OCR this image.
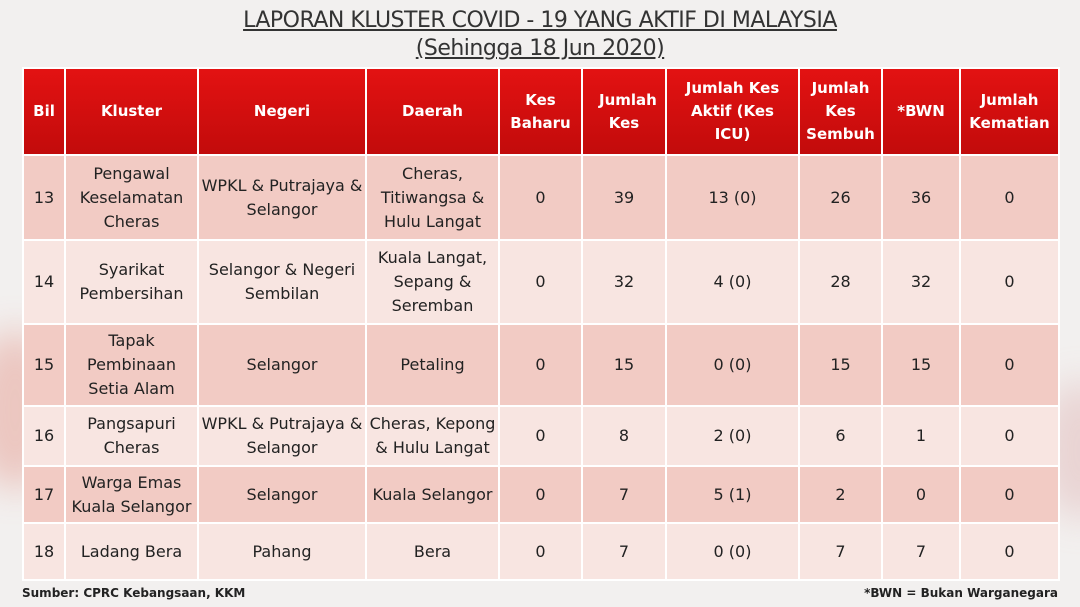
LAPORAN KLUSTER COVID - 19 YANG AKTIF DI MALAYSIA
(Sehingga 18 Jun 2020)
Bil	Kluster	Negeri	Daerah	Kes Baharu	Jumlah Kes	Jumlah Kes Aktif (Kes ICU)	Jumlah Kes Sembuh	*BWN	Jumlah Kematian
13	Pengawal Keselamatan Cheras	WPKL & Putrajaya & Selangor	Cheras, Titiwangsa & Hulu Langat	0	39	13 (0)	26	36	0
14	Syarikat Pembersihan	Selangor & Negeri Sembilan	Kuala Langat, Sepang & Seremban	0	32	4 (0)	28	32	0
15	Tapak Pembinaan Setia Alam	Selangor	Petaling	0	15	0 (0)	15	15	0
16	Pangsapuri Cheras	WPKL & Putrajaya & Selangor	Cheras, Kepong & Hulu Langat	0	8	2 (0)	6	1	0
17	Warga Emas Kuala Selangor	Selangor	Kuala Selangor	0	7	5 (1)	2	0	0
18	Ladang Bera	Pahang	Bera	0	7	0 (0)	7	7	0
Sumber: CPRC Kebangsaan, KKM	*BWN = Bukan Warganegara
